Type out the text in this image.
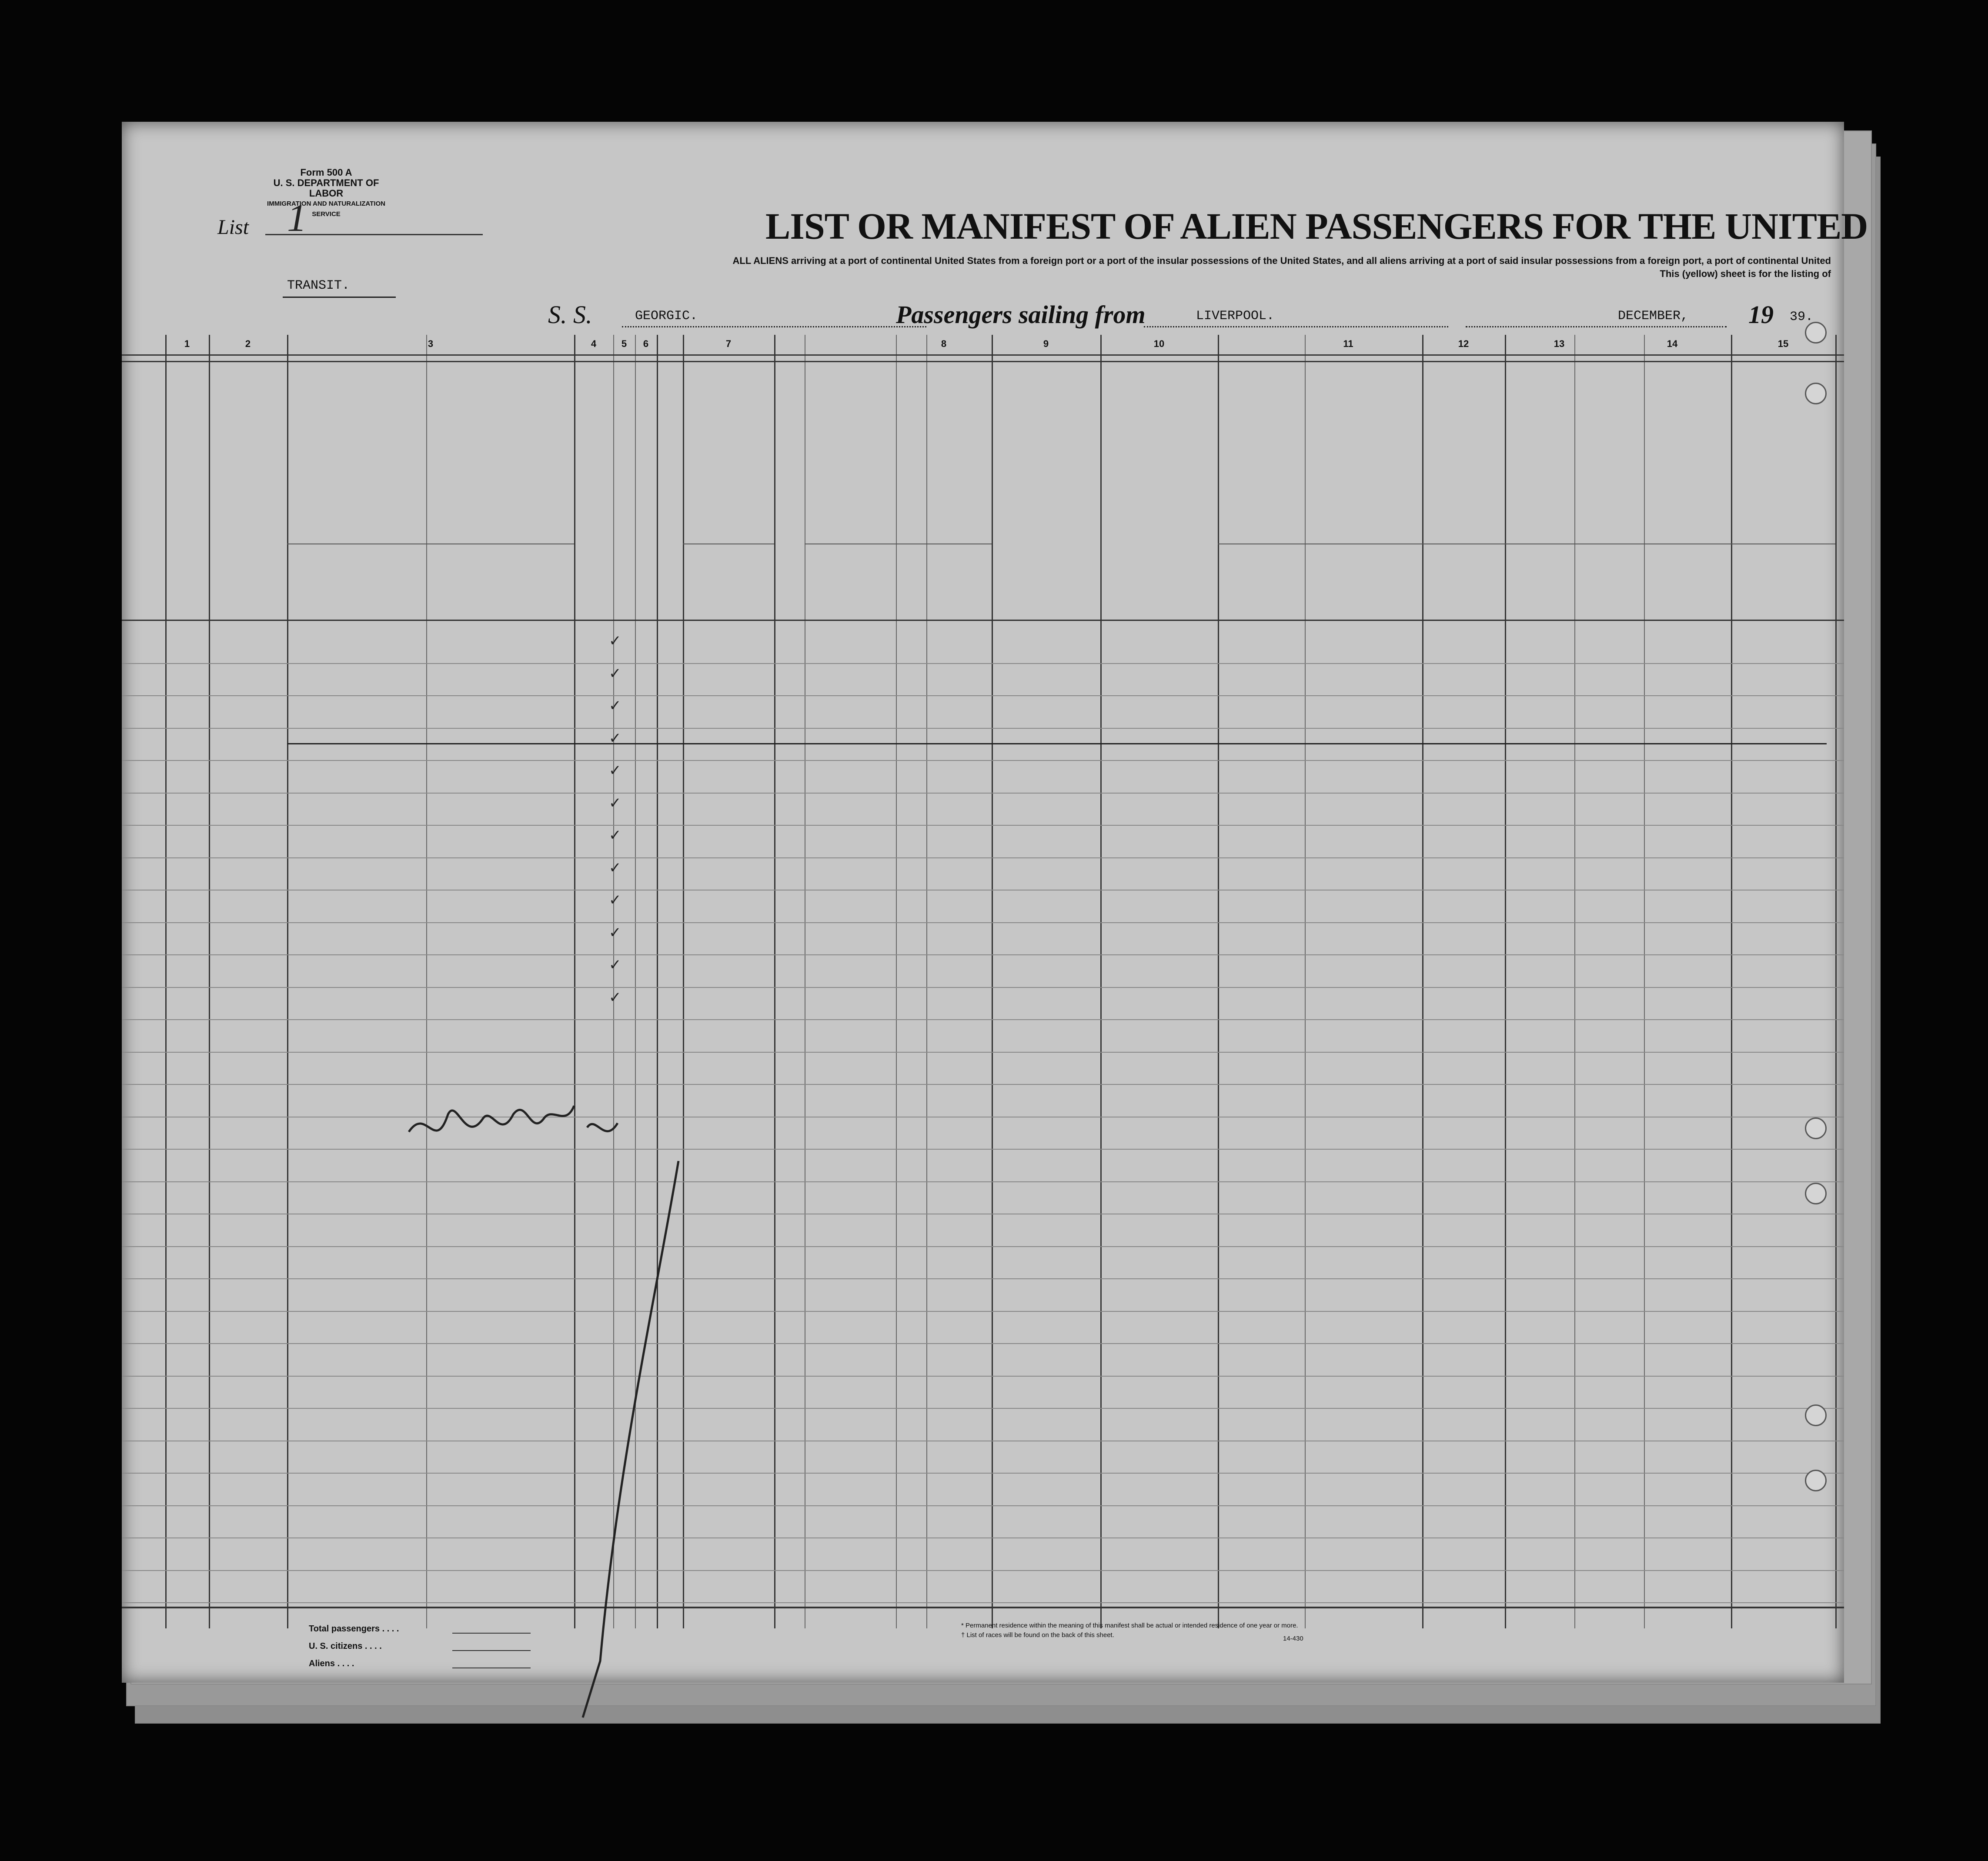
Form 500 A
U. S. DEPARTMENT OF LABOR
IMMIGRATION AND NATURALIZATION SERVICE
List 1	LIST OR MANIFEST OF ALIEN PASSENGERS FOR THE UNITED
ALL ALIENS arriving at a port of continental United States from a foreign port or a port of the insular possessions of the United States, and all aliens arriving at a port of said insular possessions from a foreign port, a port of continental United
This (yellow) sheet is for the listing of
TRANSIT.
S. S.	GEORGIC.	Passengers sailing from	LIVERPOOL.	DECEMBER, 19 39.
1	2	3	4	5	6	7	8	9	10	11	12	13	14	15
✓
✓
✓
✓
✓
✓
✓
✓
✓
✓
✓
✓
Total passengers . . . .
U. S. citizens . . . .
Aliens . . . .
* Permanent residence within the meaning of this manifest shall be actual or intended residence of one year or more.
† List of races will be found on the back of this sheet.	14-430
